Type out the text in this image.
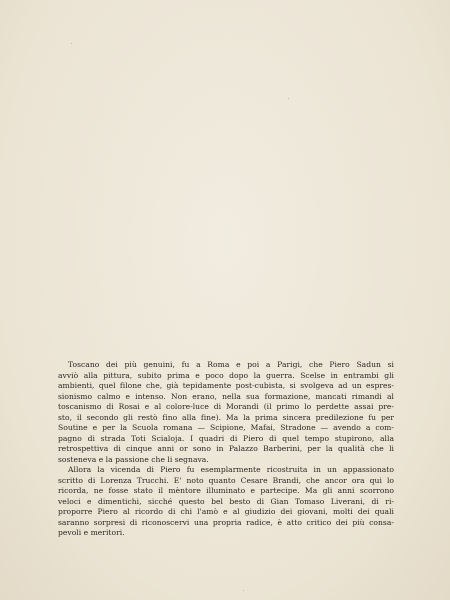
Toscano dei più genuini, fu a Roma e poi a Parigi, che Piero Sadun si
avviò alla pittura, subito prima e poco dopo la guerra. Scelse in entrambi gli
ambienti, quel filone che, già tepidamente post-cubista, si svolgeva ad un espres-
sionismo calmo e intenso. Non erano, nella sua formazione, mancati rimandi al
toscanismo di Rosai e al colore-luce di Morandi (il primo lo perdette assai pre-
sto, il secondo gli restò fino alla fine). Ma la prima sincera predilezione fu per
Soutine e per la Scuola romana — Scipione, Mafai, Stradone — avendo a com-
pagno di strada Toti Scialoja. I quadri di Piero di quel tempo stupirono, alla
retrospettiva di cinque anni or sono in Palazzo Barberini, per la qualità che li
sosteneva e la passione che li segnava.
Allora la vicenda di Piero fu esemplarmente ricostruita in un appassionato
scritto di Lorenza Trucchi. E' noto quanto Cesare Brandi, che ancor ora qui lo
ricorda, ne fosse stato il mèntore illuminato e partecipe. Ma gli anni scorrono
veloci e dimentichi, sicché questo bel besto di Gian Tomaso Liverani, di ri-
proporre Piero al ricordo di chi l'amò e al giudizio dei giovani, molti dei quali
saranno sorpresi di riconoscervi una propria radice, è atto critico dei più consa-
pevoli e meritori.
